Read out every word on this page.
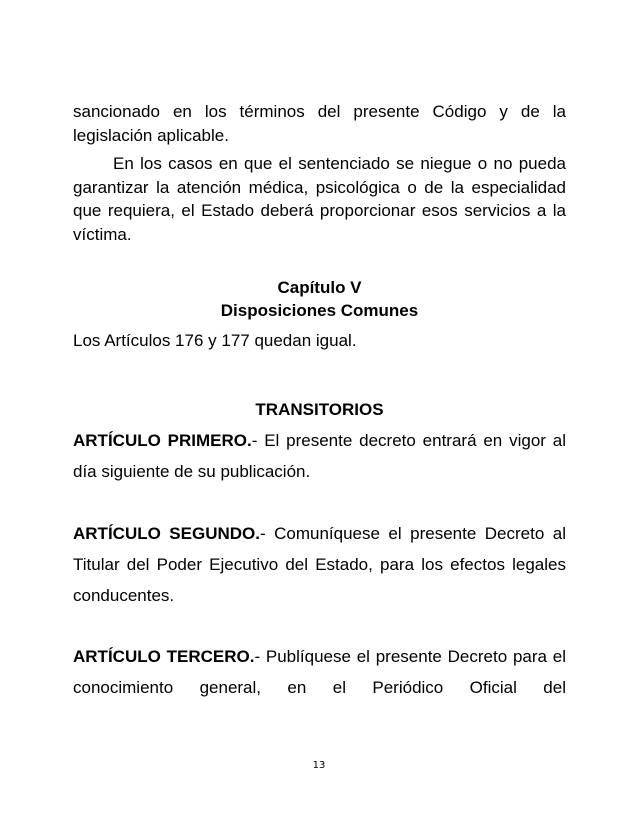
sancionado en los términos del presente Código y de la legislación aplicable.

En los casos en que el sentenciado se niegue o no pueda garantizar la atención médica, psicológica o de la especialidad que requiera, el Estado deberá proporcionar esos servicios a la víctima.

Capítulo V
Disposiciones Comunes

Los Artículos 176 y 177 quedan igual.

TRANSITORIOS

ARTÍCULO PRIMERO.- El presente decreto entrará en vigor al día siguiente de su publicación.

ARTÍCULO SEGUNDO.- Comuníquese el presente Decreto al Titular del Poder Ejecutivo del Estado, para los efectos legales conducentes.

ARTÍCULO TERCERO.- Publíquese el presente Decreto para el conocimiento general, en el Periódico Oficial del

13
